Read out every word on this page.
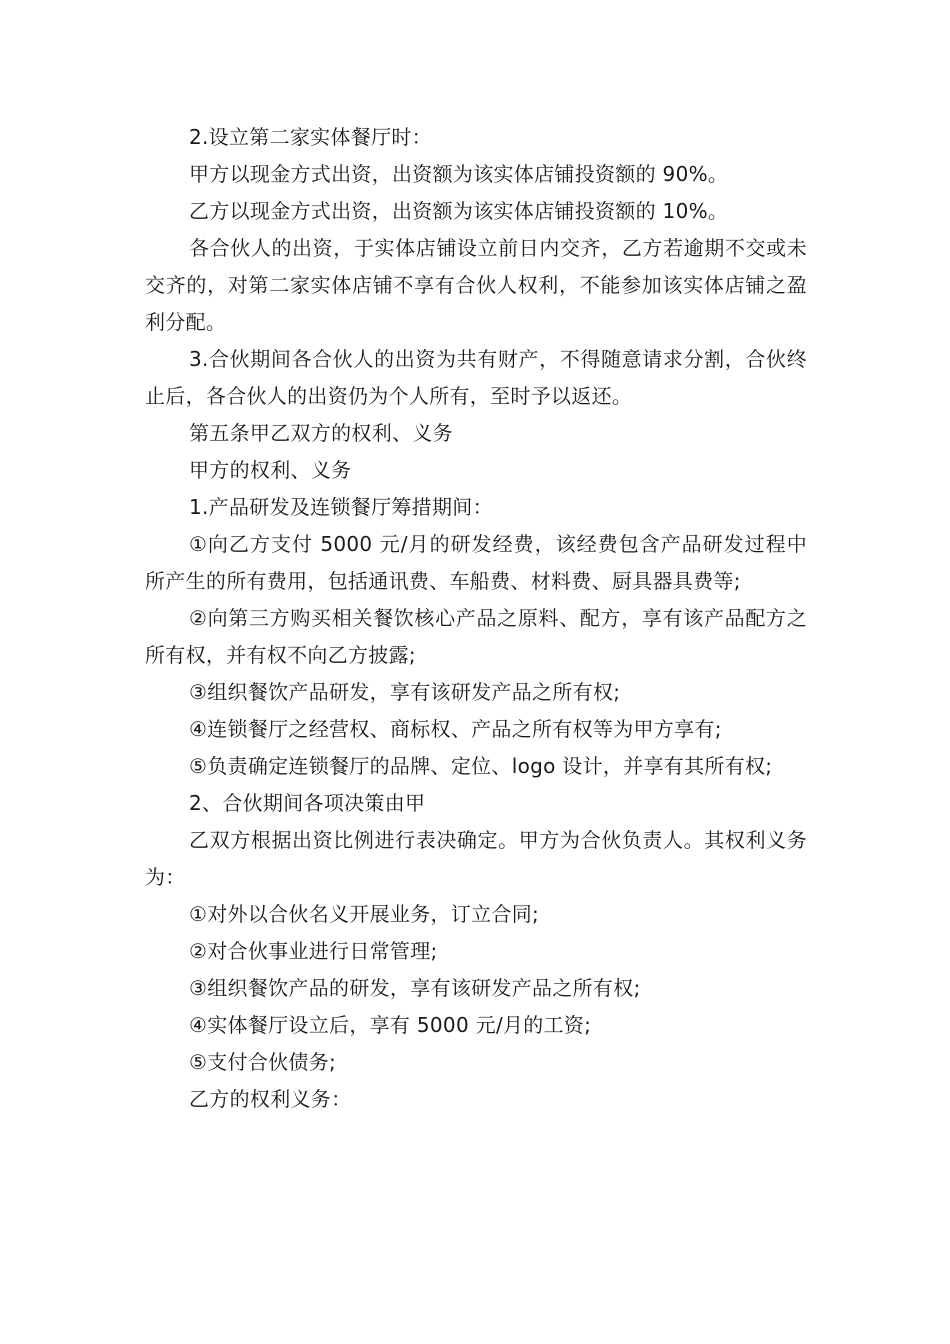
2.设立第二家实体餐厅时：

甲方以现金方式出资，出资额为该实体店铺投资额的 90%。

乙方以现金方式出资，出资额为该实体店铺投资额的 10%。

各合伙人的出资，于实体店铺设立前日内交齐，乙方若逾期不交或未交齐的，对第二家实体店铺不享有合伙人权利，不能参加该实体店铺之盈利分配。

3.合伙期间各合伙人的出资为共有财产，不得随意请求分割，合伙终止后，各合伙人的出资仍为个人所有，至时予以返还。

第五条甲乙双方的权利、义务

甲方的权利、义务

1.产品研发及连锁餐厅筹措期间：

①向乙方支付 5000 元/月的研发经费，该经费包含产品研发过程中所产生的所有费用，包括通讯费、车船费、材料费、厨具器具费等;

②向第三方购买相关餐饮核心产品之原料、配方，享有该产品配方之所有权，并有权不向乙方披露;

③组织餐饮产品研发，享有该研发产品之所有权;

④连锁餐厅之经营权、商标权、产品之所有权等为甲方享有;

⑤负责确定连锁餐厅的品牌、定位、logo 设计，并享有其所有权;

2、合伙期间各项决策由甲

乙双方根据出资比例进行表决确定。甲方为合伙负责人。其权利义务为：

①对外以合伙名义开展业务，订立合同;

②对合伙事业进行日常管理;

③组织餐饮产品的研发，享有该研发产品之所有权;

④实体餐厅设立后，享有 5000 元/月的工资;

⑤支付合伙债务;

乙方的权利义务：
